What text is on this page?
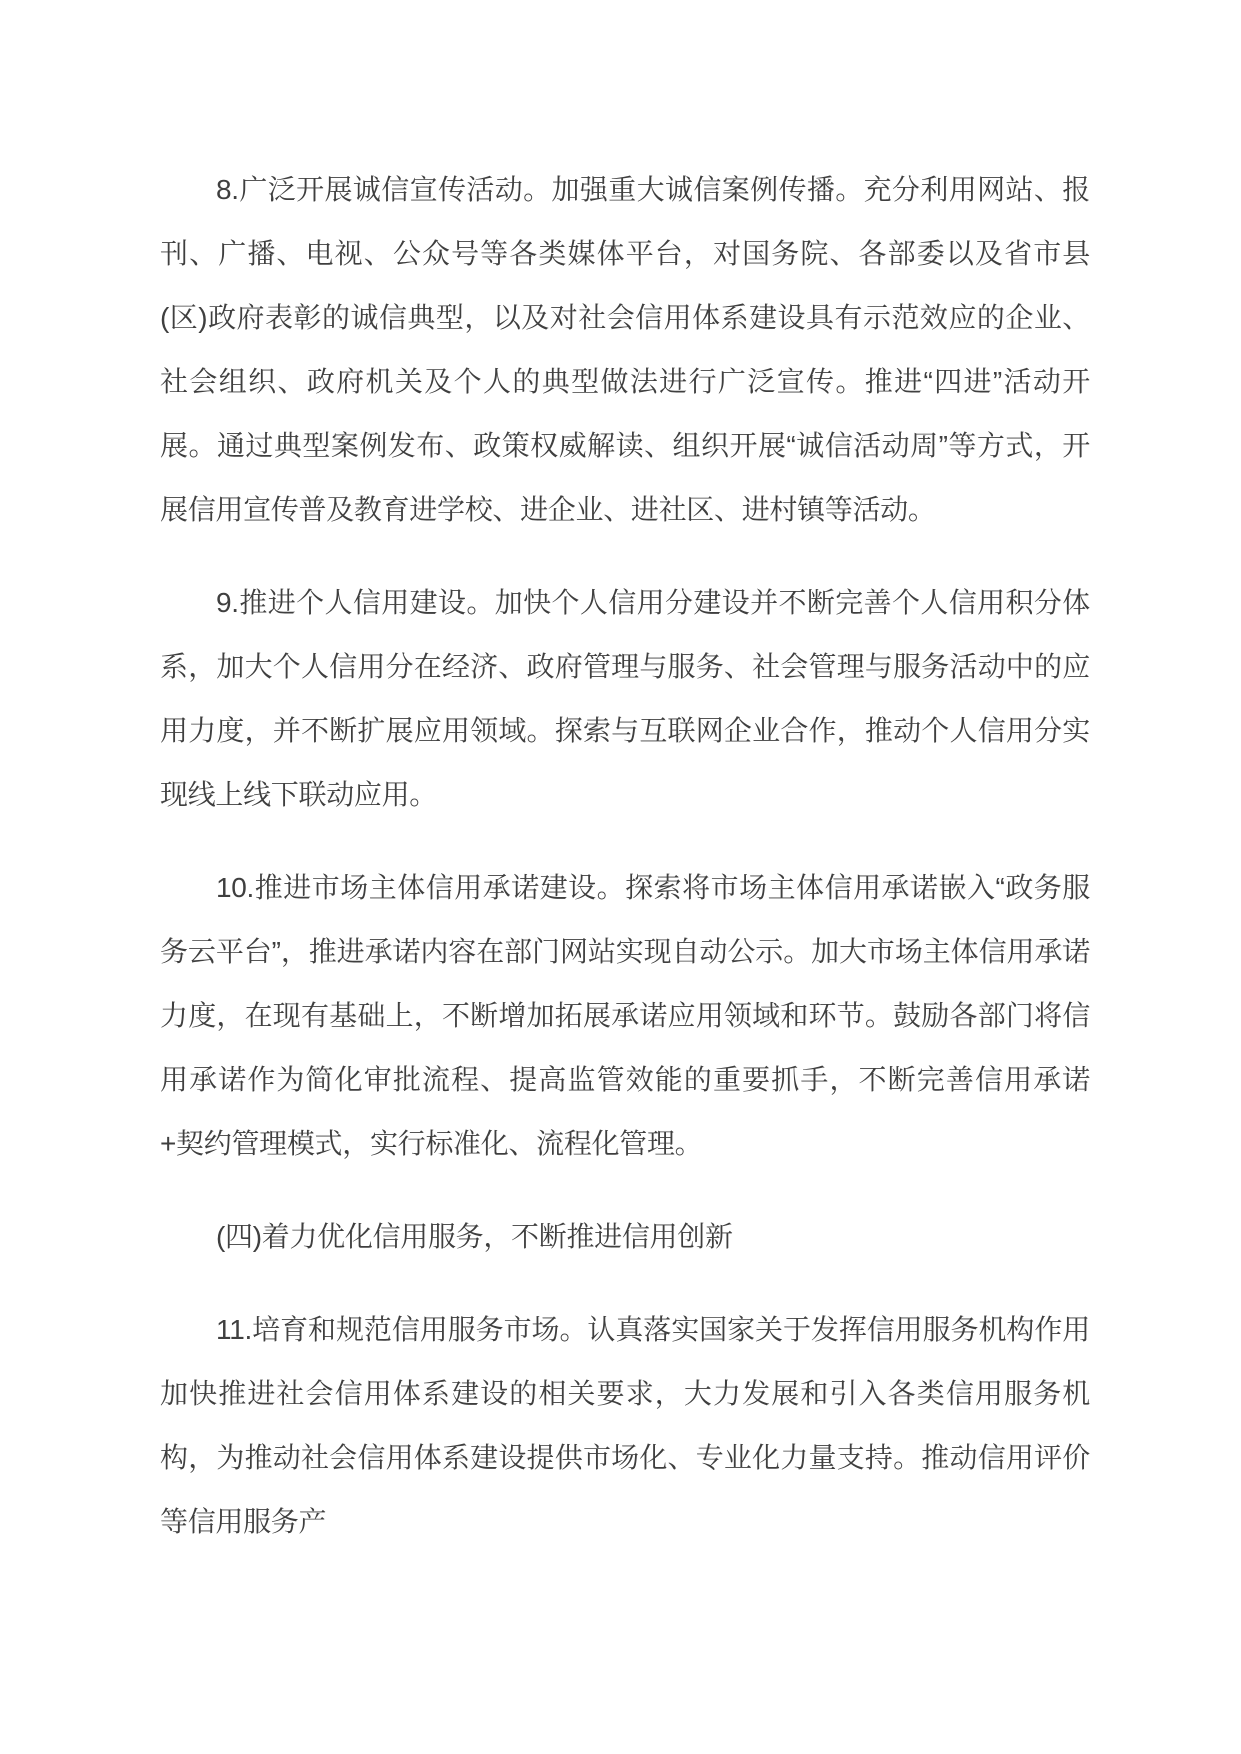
8.广泛开展诚信宣传活动。加强重大诚信案例传播。充分利用网站、报刊、广播、电视、公众号等各类媒体平台，对国务院、各部委以及省市县(区)政府表彰的诚信典型，以及对社会信用体系建设具有示范效应的企业、社会组织、政府机关及个人的典型做法进行广泛宣传。推进“四进”活动开展。通过典型案例发布、政策权威解读、组织开展“诚信活动周”等方式，开展信用宣传普及教育进学校、进企业、进社区、进村镇等活动。

9.推进个人信用建设。加快个人信用分建设并不断完善个人信用积分体系，加大个人信用分在经济、政府管理与服务、社会管理与服务活动中的应用力度，并不断扩展应用领域。探索与互联网企业合作，推动个人信用分实现线上线下联动应用。

10.推进市场主体信用承诺建设。探索将市场主体信用承诺嵌入“政务服务云平台”，推进承诺内容在部门网站实现自动公示。加大市场主体信用承诺力度，在现有基础上，不断增加拓展承诺应用领域和环节。鼓励各部门将信用承诺作为简化审批流程、提高监管效能的重要抓手，不断完善信用承诺+契约管理模式，实行标准化、流程化管理。

(四)着力优化信用服务，不断推进信用创新

11.培育和规范信用服务市场。认真落实国家关于发挥信用服务机构作用加快推进社会信用体系建设的相关要求，大力发展和引入各类信用服务机构，为推动社会信用体系建设提供市场化、专业化力量支持。推动信用评价等信用服务产
